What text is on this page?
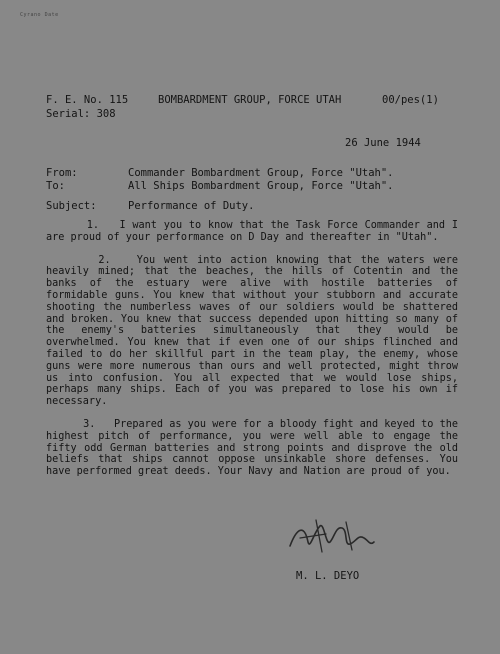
Cyrano Date

F. E. No. 115

	BOMBARDMENT GROUP, FORCE UTAH

	00/pes(1)

Serial: 308
26 June 1944
From:	Commander Bombardment Group, Force "Utah".
To:	All Ships Bombardment Group, Force "Utah".
Subject:	Performance of Duty.

1.   I want you to know that the Task Force Commander and I are proud of your performance on D Day and thereafter in "Utah".

2.   You went into action knowing that the waters were heavily mined; that the beaches, the hills of Cotentin and the banks of the estuary were alive with hostile batteries of formidable guns. You knew that without your stubborn and accurate shooting the numberless waves of our soldiers would be shattered and broken. You knew that success depended upon hitting so many of the enemy's batteries simultaneously that they would be overwhelmed. You knew that if even one of our ships flinched and failed to do her skillful part in the team play, the enemy, whose guns were more numerous than ours and well protected, might throw us into confusion. You all expected that we would lose ships, perhaps many ships. Each of you was prepared to lose his own if necessary.

3.   Prepared as you were for a bloody fight and keyed to the highest pitch of performance, you were well able to engage the fifty odd German batteries and strong points and disprove the old beliefs that ships cannot oppose unsinkable shore defenses. You have performed great deeds. Your Navy and Nation are proud of you.

M. L. DEYO
